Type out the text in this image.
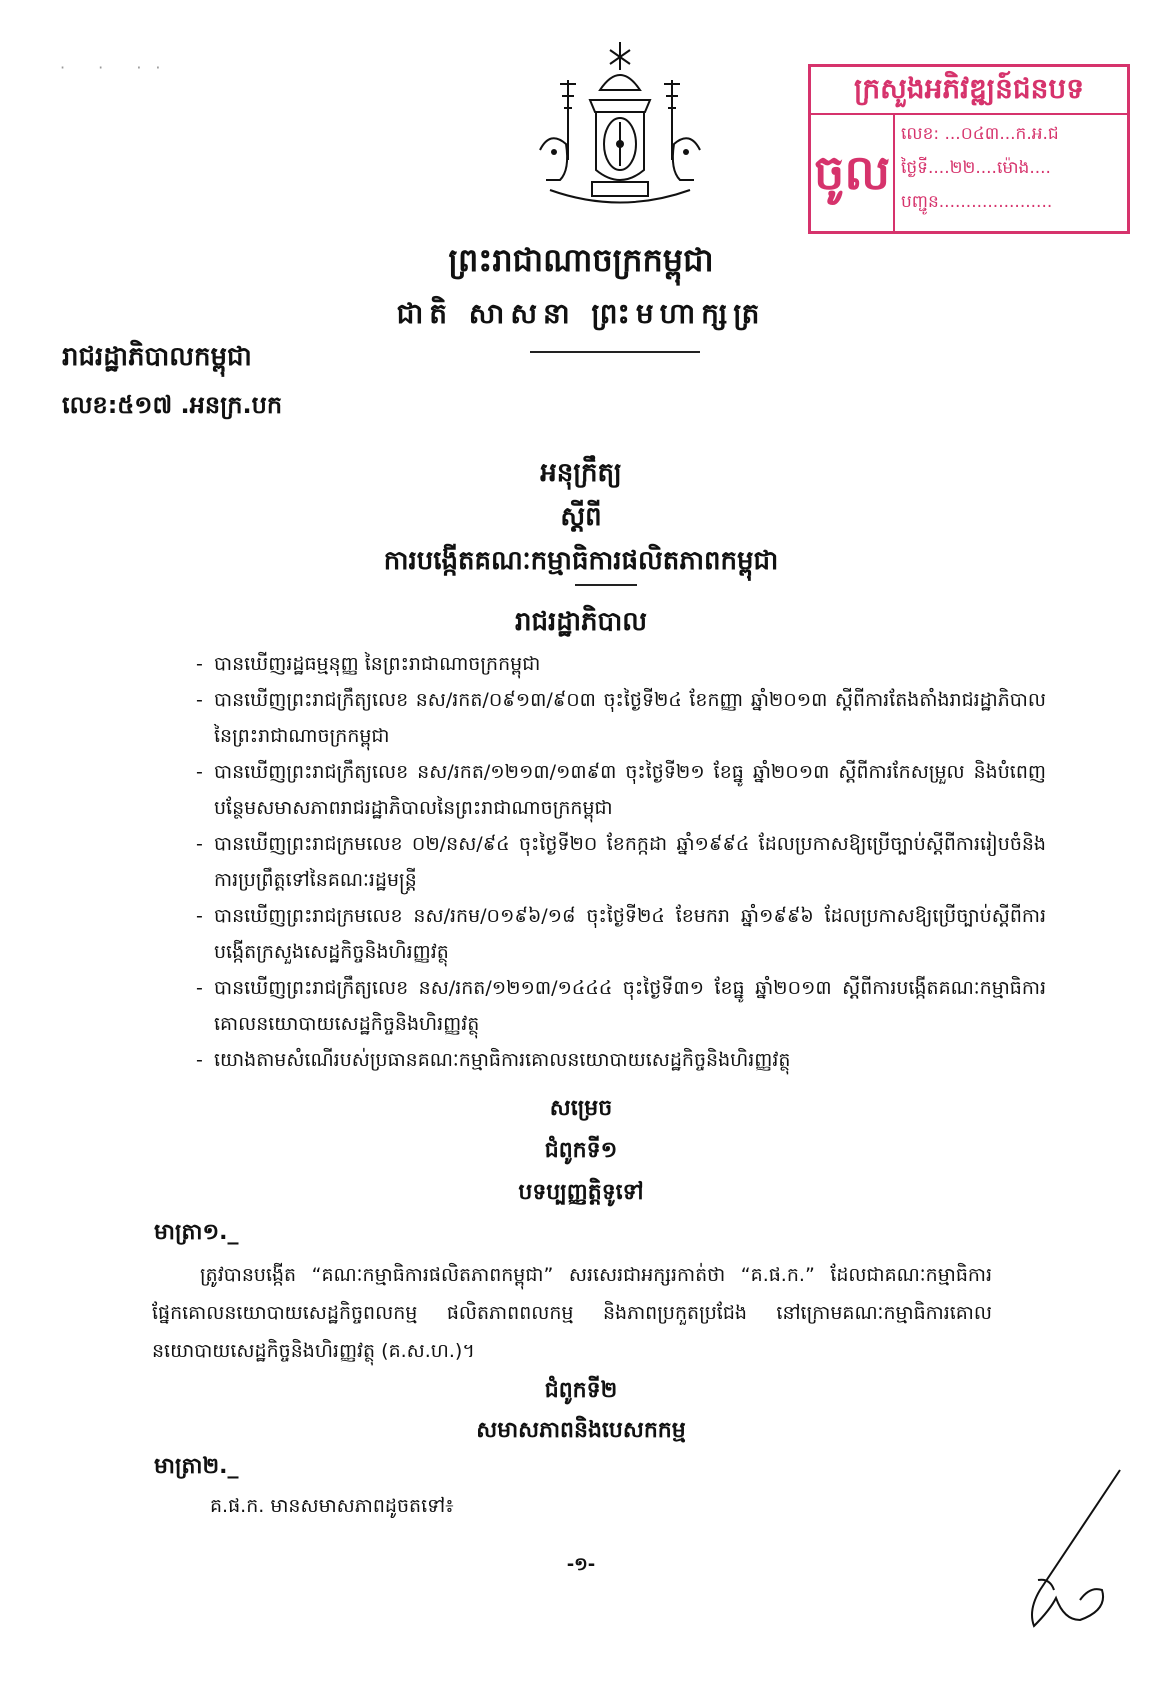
· · ··
ក្រសួងអភិវឌ្ឍន៍ជនបទ
ចូល
លេខ: ...០៤៣...ក.អ.ជ
ថ្ងៃទី....២២....ម៉ោង....
បញ្ជូន.....................
ព្រះរាជាណាចក្រកម្ពុជា
ជាតិ សាសនា ព្រះមហាក្សត្រ
រាជរដ្ឋាភិបាលកម្ពុជា
លេខ:៥១៧ .អនក្រ.បក
អនុក្រឹត្យ
ស្តីពី
ការបង្កើតគណៈកម្មាធិការផលិតភាពកម្ពុជា
រាជរដ្ឋាភិបាល
- បានឃើញរដ្ឋធម្មនុញ្ញ នៃព្រះរាជាណាចក្រកម្ពុជា
- បានឃើញព្រះរាជក្រឹត្យលេខ នស/រកត/០៩១៣/៩០៣ ចុះថ្ងៃទី២៤ ខែកញ្ញា ឆ្នាំ២០១៣ ស្តីពីការតែងតាំងរាជរដ្ឋាភិបាលនៃព្រះរាជាណាចក្រកម្ពុជា
- បានឃើញព្រះរាជក្រឹត្យលេខ នស/រកត/១២១៣/១៣៩៣ ចុះថ្ងៃទី២១ ខែធ្នូ ឆ្នាំ២០១៣ ស្តីពីការកែសម្រួល និងបំពេញបន្ថែមសមាសភាពរាជរដ្ឋាភិបាលនៃព្រះរាជាណាចក្រកម្ពុជា
- បានឃើញព្រះរាជក្រមលេខ ០២/នស/៩៤ ចុះថ្ងៃទី២០ ខែកក្កដា ឆ្នាំ១៩៩៤ ដែលប្រកាសឱ្យប្រើច្បាប់ស្តីពីការរៀបចំនិងការប្រព្រឹត្តទៅនៃគណៈរដ្ឋមន្ត្រី
- បានឃើញព្រះរាជក្រមលេខ នស/រកម/០១៩៦/១៨ ចុះថ្ងៃទី២៤ ខែមករា ឆ្នាំ១៩៩៦ ដែលប្រកាសឱ្យប្រើច្បាប់ស្តីពីការបង្កើតក្រសួងសេដ្ឋកិច្ចនិងហិរញ្ញវត្ថុ
- បានឃើញព្រះរាជក្រឹត្យលេខ នស/រកត/១២១៣/១៤៤៤ ចុះថ្ងៃទី៣១ ខែធ្នូ ឆ្នាំ២០១៣ ស្តីពីការបង្កើតគណៈកម្មាធិការគោលនយោបាយសេដ្ឋកិច្ចនិងហិរញ្ញវត្ថុ
- យោងតាមសំណើរបស់ប្រធានគណៈកម្មាធិការគោលនយោបាយសេដ្ឋកិច្ចនិងហិរញ្ញវត្ថុ
សម្រេច
ជំពូកទី១
បទប្បញ្ញត្តិទូទៅ
មាត្រា១._
ត្រូវបានបង្កើត “គណៈកម្មាធិការផលិតភាពកម្ពុជា” សរសេរជាអក្សរកាត់ថា “គ.ផ.ក.” ដែលជាគណៈកម្មាធិការផ្នែកគោលនយោបាយសេដ្ឋកិច្ចពលកម្ម ផលិតភាពពលកម្ម និងភាពប្រកួតប្រជែង នៅក្រោមគណៈកម្មាធិការគោលនយោបាយសេដ្ឋកិច្ចនិងហិរញ្ញវត្ថុ (គ.ស.ហ.)។
ជំពូកទី២
សមាសភាពនិងបេសកកម្ម
មាត្រា២._
គ.ផ.ក. មានសមាសភាពដូចតទៅ៖
-១-
